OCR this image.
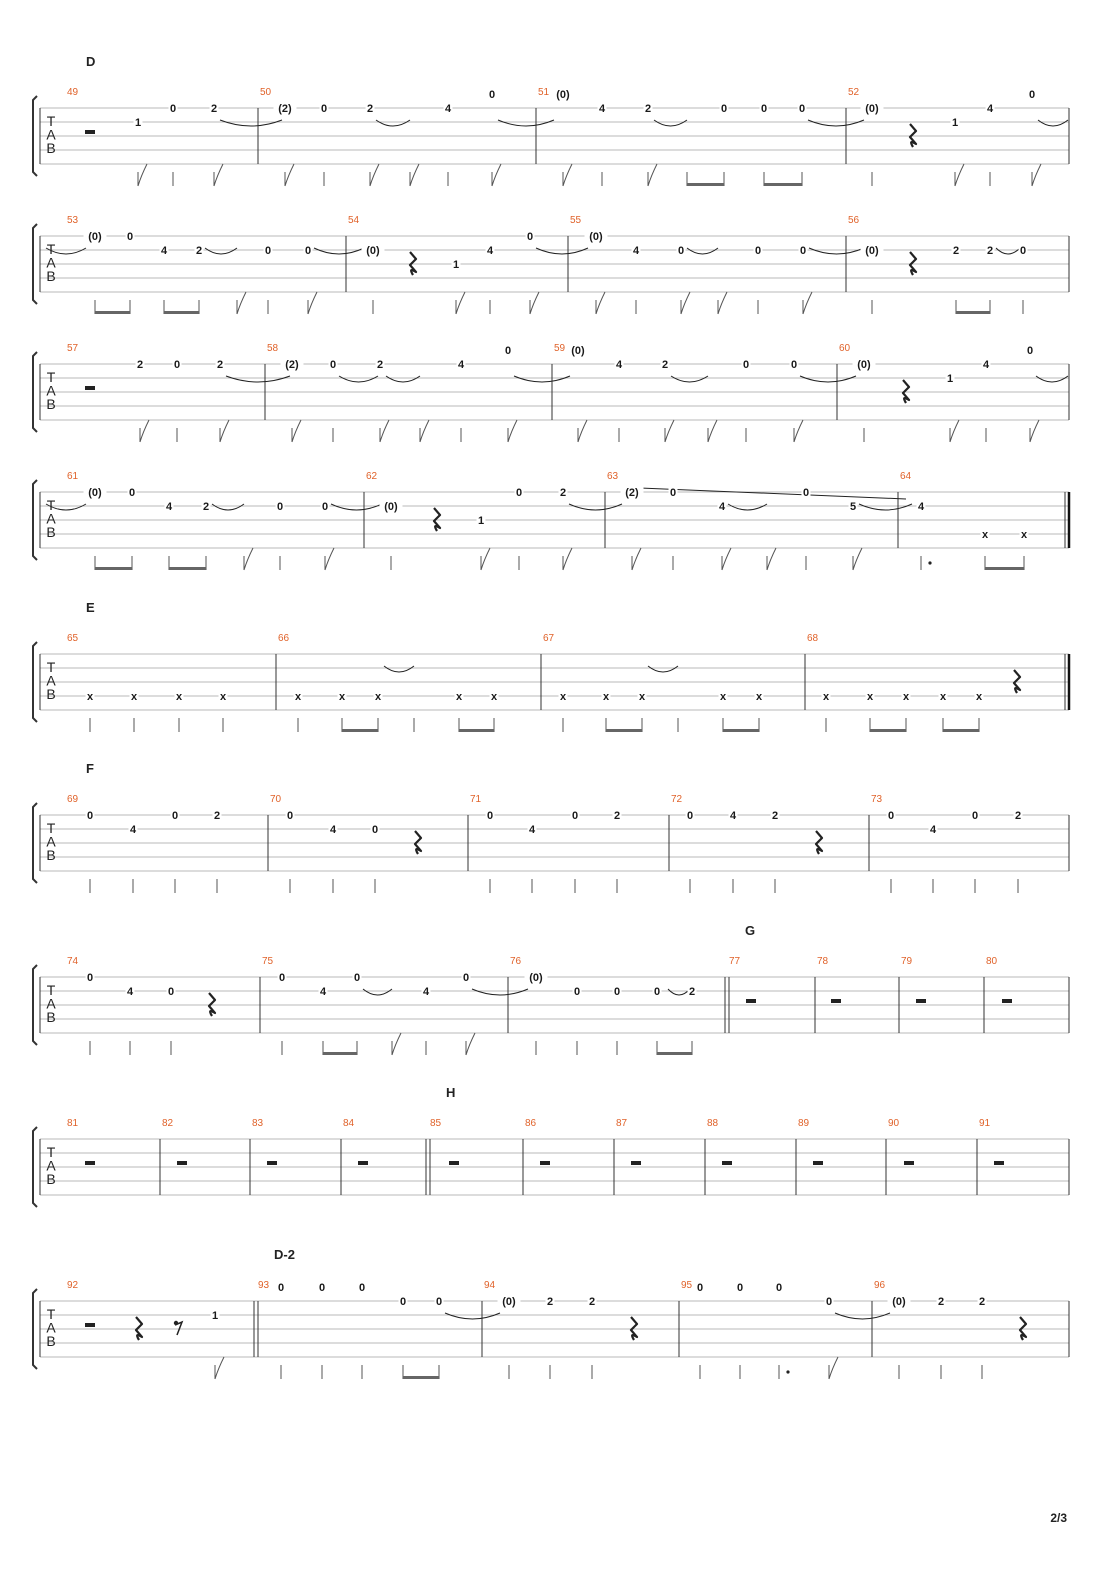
T
A
B
49	50	51	52
D
1
0	2	(2)	0	2	4
0	(0)
4	2	0	0	0	(0)
1
4
0
T
A
B
53	54	55	56
(0) 0
4	2	0	0	(0)
1
4
0	(0)
4	0	0	0	(0)	2	2 0
T
A
B
57	58	59	60
2	0	2	(2)	0	2	4
0	(0)
4	2	0	0	(0)
1
4
0
T
A
B
61	62	63	64
(0) 0
4	2	0	0	(0)
1
0	2	(2)	0
4
0
5	4
x	x
T
A
B
65	66	67	68
E
x	x	x	x	x	x	x	x	x	x	x	x	x	x	x	x	x	x	x
T
A
B
69	70	71	72	73
F
0
4
0	2	0
4	0
0
4
0	2	0	4	2	0
4
0	2
T
A
B
74	75	76	77	78	79	80
G
0
4	0
0
4
0
4
0	(0)
0	0	0	2
T
A
B
81	82	83	84	85	86	87	88	89	90	91
H
T
A
B
92	93	94	95	96
D-2
1
0	0	0
0	0	(0)	2	2
0	0	0
0	(0)	2	2
2/3
